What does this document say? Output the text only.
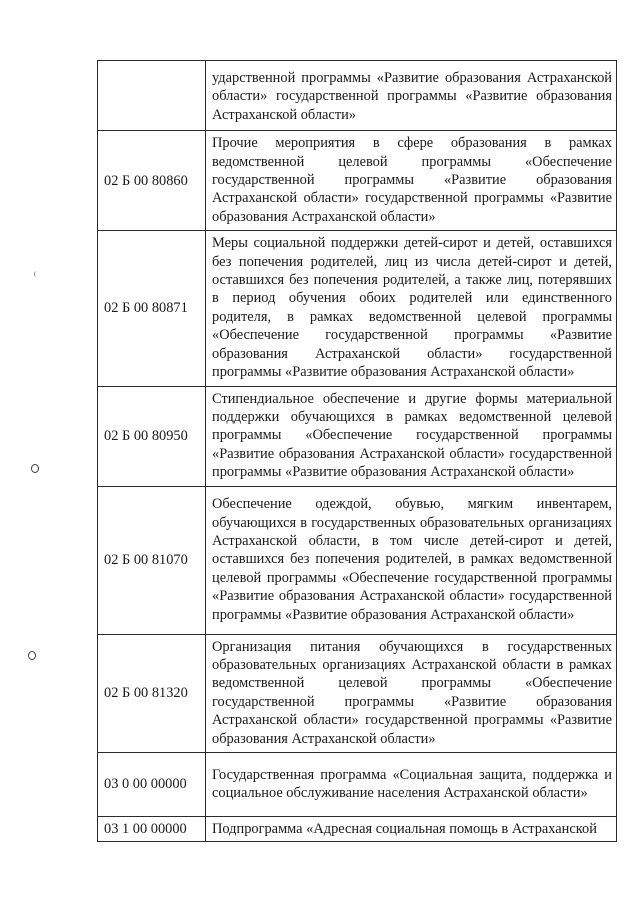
	ударственной программы «Развитие образования Астраханской области» государственной программы «Развитие образования Астраханской области»
02 Б 00 80860	Прочие мероприятия в сфере образования в рамках ведомственной целевой программы «Обеспечение государственной программы «Развитие образования Астраханской области» государственной программы «Развитие образования Астраханской области»
02 Б 00 80871	Меры социальной поддержки детей-сирот и детей, оставшихся без попечения родителей, лиц из числа детей-сирот и детей, оставшихся без попечения родителей, а также лиц, потерявших в период обучения обоих родителей или единственного родителя, в рамках ведомственной целевой программы «Обеспечение государственной программы «Развитие образования Астраханской области» государственной программы «Развитие образования Астраханской области»
02 Б 00 80950	Стипендиальное обеспечение и другие формы материальной поддержки обучающихся в рамках ведомственной целевой программы «Обеспечение государственной программы «Развитие образования Астраханской области» государственной программы «Развитие образования Астраханской области»
02 Б 00 81070	Обеспечение одеждой, обувью, мягким инвентарем, обучающихся в государственных образовательных организациях Астраханской области, в том числе детей-сирот и детей, оставшихся без попечения родителей, в рамках ведомственной целевой программы «Обеспечение государственной программы «Развитие образования Астраханской области» государственной программы «Развитие образования Астраханской области»
02 Б 00 81320	Организация питания обучающихся в государственных образовательных организациях Астраханской области в рамках ведомственной целевой программы «Обеспечение государственной программы «Развитие образования Астраханской области» государственной программы «Развитие образования Астраханской области»
03 0 00 00000	Государственная программа «Социальная защита, поддержка и социальное обслуживание населения Астраханской области»
03 1 00 00000	Подпрограмма «Адресная социальная помощь в Астраханской
